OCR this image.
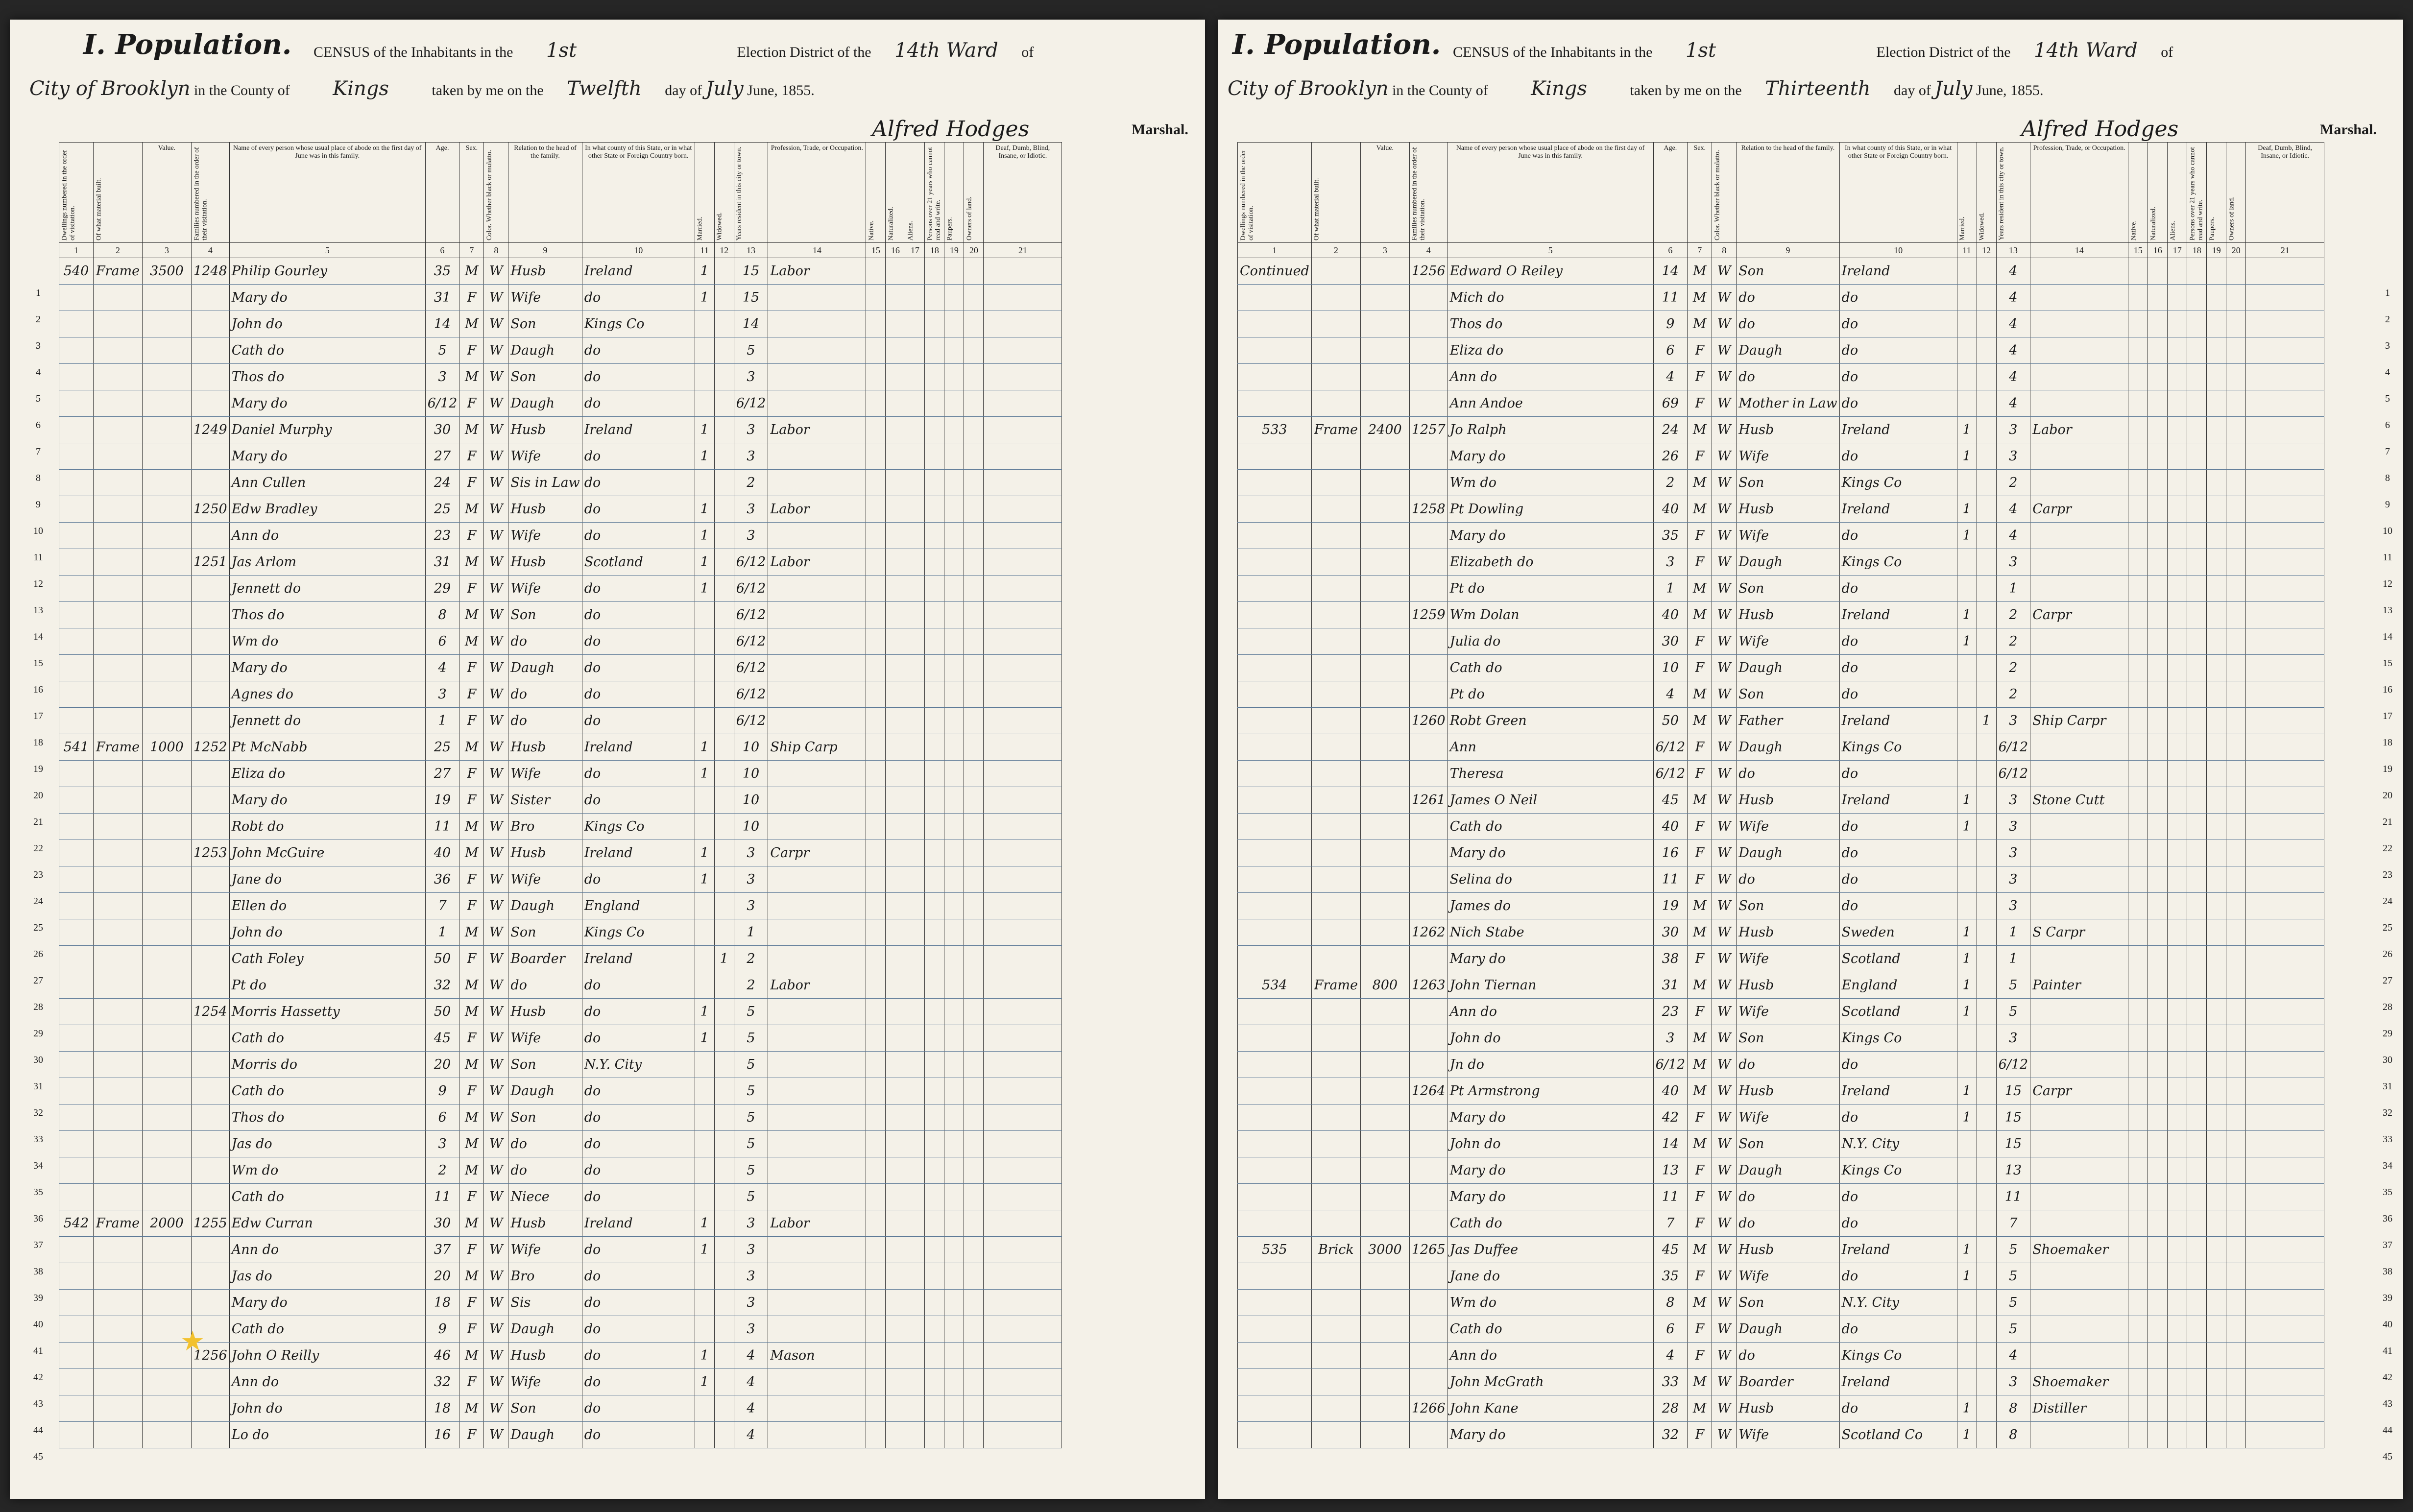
I. Population. CENSUS of the Inhabitants in the 1st	Election District of the 14th Ward of
City of Brooklyn in the County of Kings	taken by me on the Twelfth day of July June, 1855.
Alfred Hodges	Marshal.
1
2
3
4
5
6
7
8
9
10
11
12
13
14
15
16
17
18
19
20
21
22
23
24
25
26
27
28
29
30
31
32
33
34
35
36
37
38
39
40
41
42
43
44
45
Dwellings numbered in the order of visitation.	Of what material built.	Value.	Families numbered in the order of their visitation.	Name of every person whose usual place of abode on the first day of June was in this family.	Age.	Sex.	Color. Whether black or mulatto.	Relation to the head of the family.	In what county of this State, or in what other State or Foreign Country born.	Married.	Widowed.	Years resident in this city or town.	Profession, Trade, or Occupation.	Native.	Naturalized.	Aliens.	Persons over 21 years who cannot read and write.	Paupers.	Owners of land.	Deaf, Dumb, Blind, Insane, or Idiotic.
1	2	3	4	5	6	7	8	9	10	11	12	13	14	15	16	17	18	19	20	21
540	Frame	3500	1248	Philip Gourley	35	M	W	Husb	Ireland	1		15	Labor							
				Mary do	31	F	W	Wife	do	1		15								
				John do	14	M	W	Son	Kings Co			14								
				Cath do	5	F	W	Daugh	do			5								
				Thos do	3	M	W	Son	do			3								
				Mary do	6/12	F	W	Daugh	do			6/12								
			1249	Daniel Murphy	30	M	W	Husb	Ireland	1		3	Labor							
				Mary do	27	F	W	Wife	do	1		3								
				Ann Cullen	24	F	W	Sis in Law	do			2								
			1250	Edw Bradley	25	M	W	Husb	do	1		3	Labor							
				Ann do	23	F	W	Wife	do	1		3								
			1251	Jas Arlom	31	M	W	Husb	Scotland	1		6/12	Labor							
				Jennett do	29	F	W	Wife	do	1		6/12								
				Thos do	8	M	W	Son	do			6/12								
				Wm do	6	M	W	do	do			6/12								
				Mary do	4	F	W	Daugh	do			6/12								
				Agnes do	3	F	W	do	do			6/12								
				Jennett do	1	F	W	do	do			6/12								
541	Frame	1000	1252	Pt McNabb	25	M	W	Husb	Ireland	1		10	Ship Carp							
				Eliza do	27	F	W	Wife	do	1		10								
				Mary do	19	F	W	Sister	do			10								
				Robt do	11	M	W	Bro	Kings Co			10								
			1253	John McGuire	40	M	W	Husb	Ireland	1		3	Carpr							
				Jane do	36	F	W	Wife	do	1		3								
				Ellen do	7	F	W	Daugh	England			3								
				John do	1	M	W	Son	Kings Co			1								
				Cath Foley	50	F	W	Boarder	Ireland		1	2								
				Pt do	32	M	W	do	do			2	Labor							
			1254	Morris Hassetty	50	M	W	Husb	do	1		5								
				Cath do	45	F	W	Wife	do	1		5								
				Morris do	20	M	W	Son	N.Y. City			5								
				Cath do	9	F	W	Daugh	do			5								
				Thos do	6	M	W	Son	do			5								
				Jas do	3	M	W	do	do			5								
				Wm do	2	M	W	do	do			5								
				Cath do	11	F	W	Niece	do			5								
542	Frame	2000	1255	Edw Curran	30	M	W	Husb	Ireland	1		3	Labor							
				Ann do	37	F	W	Wife	do	1		3								
				Jas do	20	M	W	Bro	do			3								
				Mary do	18	F	W	Sis	do			3								
				Cath do	9	F	W	Daugh	do			3								
			1256	John O Reilly	46	M	W	Husb	do	1		4	Mason							
				Ann do	32	F	W	Wife	do	1		4								
				John do	18	M	W	Son	do			4								
				Lo do	16	F	W	Daugh	do			4								
★
I. Population. CENSUS of the Inhabitants in the 1st	Election District of the 14th Ward of
City of Brooklyn in the County of Kings	taken by me on the Thirteenth day of July June, 1855.
Alfred Hodges	Marshal.
1
2
3
4
5
6
7
8
9
10
11
12
13
14
15
16
17
18
19
20
21
22
23
24
25
26
27
28
29
30
31
32
33
34
35
36
37
38
39
40
41
42
43
44
45
Dwellings numbered in the order of visitation.	Of what material built.	Value.	Families numbered in the order of their visitation.	Name of every person whose usual place of abode on the first day of June was in this family.	Age.	Sex.	Color. Whether black or mulatto.	Relation to the head of the family.	In what county of this State, or in what other State or Foreign Country born.	Married.	Widowed.	Years resident in this city or town.	Profession, Trade, or Occupation.	Native.	Naturalized.	Aliens.	Persons over 21 years who cannot read and write.	Paupers.	Owners of land.	Deaf, Dumb, Blind, Insane, or Idiotic.
1	2	3	4	5	6	7	8	9	10	11	12	13	14	15	16	17	18	19	20	21
Continued			1256	Edward O Reiley	14	M	W	Son	Ireland			4								
				Mich do	11	M	W	do	do			4								
				Thos do	9	M	W	do	do			4								
				Eliza do	6	F	W	Daugh	do			4								
				Ann do	4	F	W	do	do			4								
				Ann Andoe	69	F	W	Mother in Law	do			4								
533	Frame	2400	1257	Jo Ralph	24	M	W	Husb	Ireland	1		3	Labor							
				Mary do	26	F	W	Wife	do	1		3								
				Wm do	2	M	W	Son	Kings Co			2								
			1258	Pt Dowling	40	M	W	Husb	Ireland	1		4	Carpr							
				Mary do	35	F	W	Wife	do	1		4								
				Elizabeth do	3	F	W	Daugh	Kings Co			3								
				Pt do	1	M	W	Son	do			1								
			1259	Wm Dolan	40	M	W	Husb	Ireland	1		2	Carpr							
				Julia do	30	F	W	Wife	do	1		2								
				Cath do	10	F	W	Daugh	do			2								
				Pt do	4	M	W	Son	do			2								
			1260	Robt Green	50	M	W	Father	Ireland		1	3	Ship Carpr							
				Ann	6/12	F	W	Daugh	Kings Co			6/12								
				Theresa	6/12	F	W	do	do			6/12								
			1261	James O Neil	45	M	W	Husb	Ireland	1		3	Stone Cutt							
				Cath do	40	F	W	Wife	do	1		3								
				Mary do	16	F	W	Daugh	do			3								
				Selina do	11	F	W	do	do			3								
				James do	19	M	W	Son	do			3								
			1262	Nich Stabe	30	M	W	Husb	Sweden	1		1	S Carpr							
				Mary do	38	F	W	Wife	Scotland	1		1								
534	Frame	800	1263	John Tiernan	31	M	W	Husb	England	1		5	Painter							
				Ann do	23	F	W	Wife	Scotland	1		5								
				John do	3	M	W	Son	Kings Co			3								
				Jn do	6/12	M	W	do	do			6/12								
			1264	Pt Armstrong	40	M	W	Husb	Ireland	1		15	Carpr							
				Mary do	42	F	W	Wife	do	1		15								
				John do	14	M	W	Son	N.Y. City			15								
				Mary do	13	F	W	Daugh	Kings Co			13								
				Mary do	11	F	W	do	do			11								
				Cath do	7	F	W	do	do			7								
535	Brick	3000	1265	Jas Duffee	45	M	W	Husb	Ireland	1		5	Shoemaker							
				Jane do	35	F	W	Wife	do	1		5								
				Wm do	8	M	W	Son	N.Y. City			5								
				Cath do	6	F	W	Daugh	do			5								
				Ann do	4	F	W	do	Kings Co			4								
				John McGrath	33	M	W	Boarder	Ireland			3	Shoemaker							
			1266	John Kane	28	M	W	Husb	do	1		8	Distiller							
				Mary do	32	F	W	Wife	Scotland Co	1		8								
